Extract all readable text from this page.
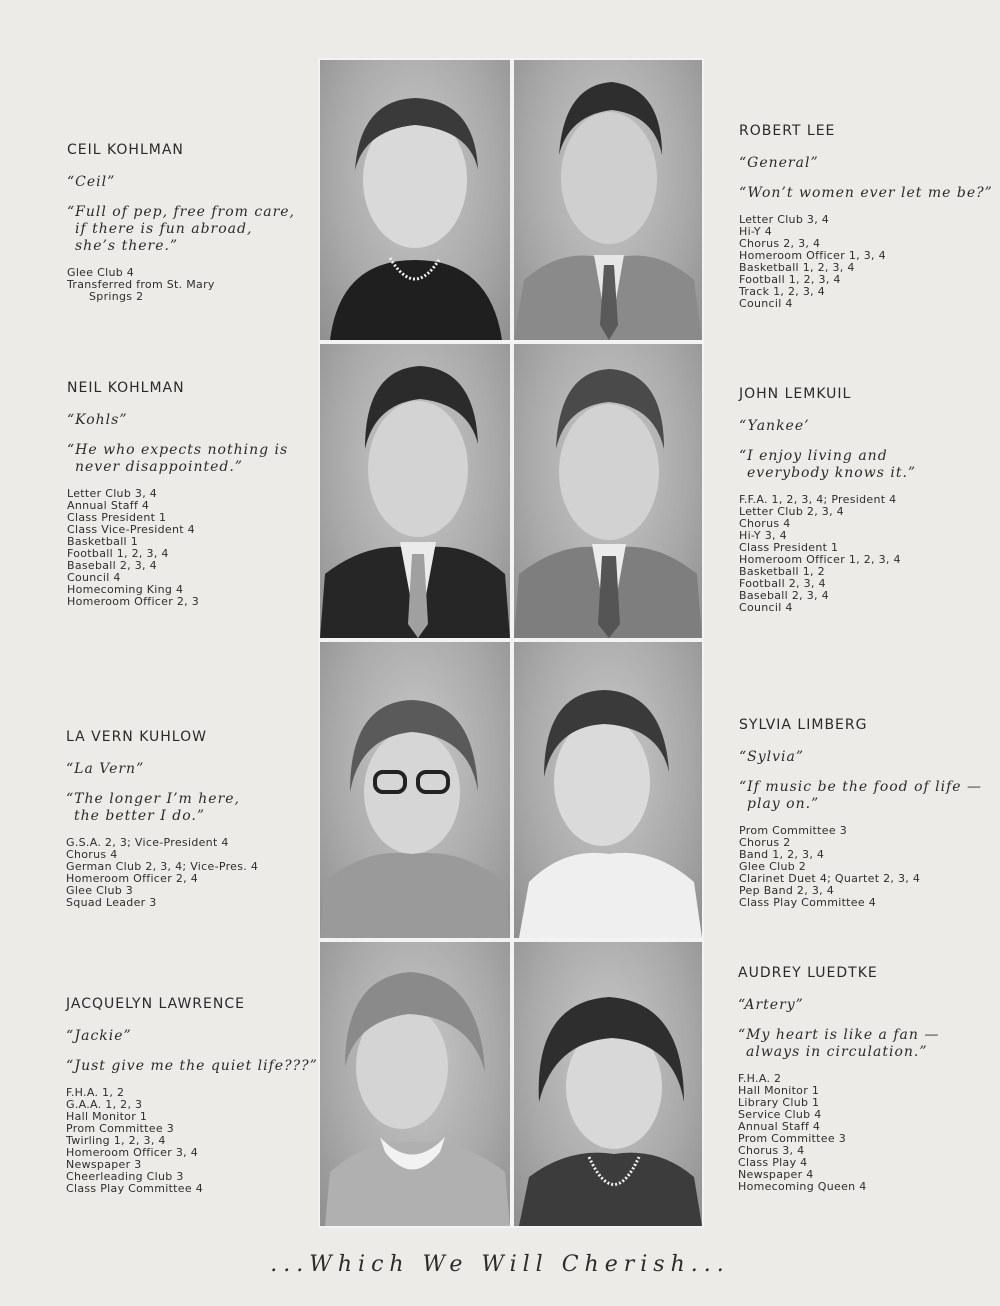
CEIL KOHLMAN

“Ceil”

“Full of pep, free from care,
if there is fun abroad,
she’s there.”

Glee Club 4
Transferred from St. Mary
Springs 2

NEIL KOHLMAN

“Kohls”

“He who expects nothing is
never disappointed.”

Letter Club 3, 4
Annual Staff 4
Class President 1
Class Vice-President 4
Basketball 1
Football 1, 2, 3, 4
Baseball 2, 3, 4
Council 4
Homecoming King 4
Homeroom Officer 2, 3

LA VERN KUHLOW

“La Vern”

“The longer I’m here,
the better I do.”

G.S.A. 2, 3; Vice-President 4
Chorus 4
German Club 2, 3, 4; Vice-Pres. 4
Homeroom Officer 2, 4
Glee Club 3
Squad Leader 3

JACQUELYN LAWRENCE

“Jackie”

“Just give me the quiet life???”

F.H.A. 1, 2
G.A.A. 1, 2, 3
Hall Monitor 1
Prom Committee 3
Twirling 1, 2, 3, 4
Homeroom Officer 3, 4
Newspaper 3
Cheerleading Club 3
Class Play Committee 4

ROBERT LEE

“General”

“Won’t women ever let me be?”

Letter Club 3, 4
Hi-Y 4
Chorus 2, 3, 4
Homeroom Officer 1, 3, 4
Basketball 1, 2, 3, 4
Football 1, 2, 3, 4
Track 1, 2, 3, 4
Council 4

JOHN LEMKUIL

“Yankee’

“I enjoy living and
everybody knows it.”

F.F.A. 1, 2, 3, 4; President 4
Letter Club 2, 3, 4
Chorus 4
Hi-Y 3, 4
Class President 1
Homeroom Officer 1, 2, 3, 4
Basketball 1, 2
Football 2, 3, 4
Baseball 2, 3, 4
Council 4

SYLVIA LIMBERG

“Sylvia”

“If music be the food of life —
play on.”

Prom Committee 3
Chorus 2
Band 1, 2, 3, 4
Glee Club 2
Clarinet Duet 4; Quartet 2, 3, 4
Pep Band 2, 3, 4
Class Play Committee 4

AUDREY LUEDTKE

“Artery”

“My heart is like a fan —
always in circulation.”

F.H.A. 2
Hall Monitor 1
Library Club 1
Service Club 4
Annual Staff 4
Prom Committee 3
Chorus 3, 4
Class Play 4
Newspaper 4
Homecoming Queen 4
...Which We Will Cherish...
